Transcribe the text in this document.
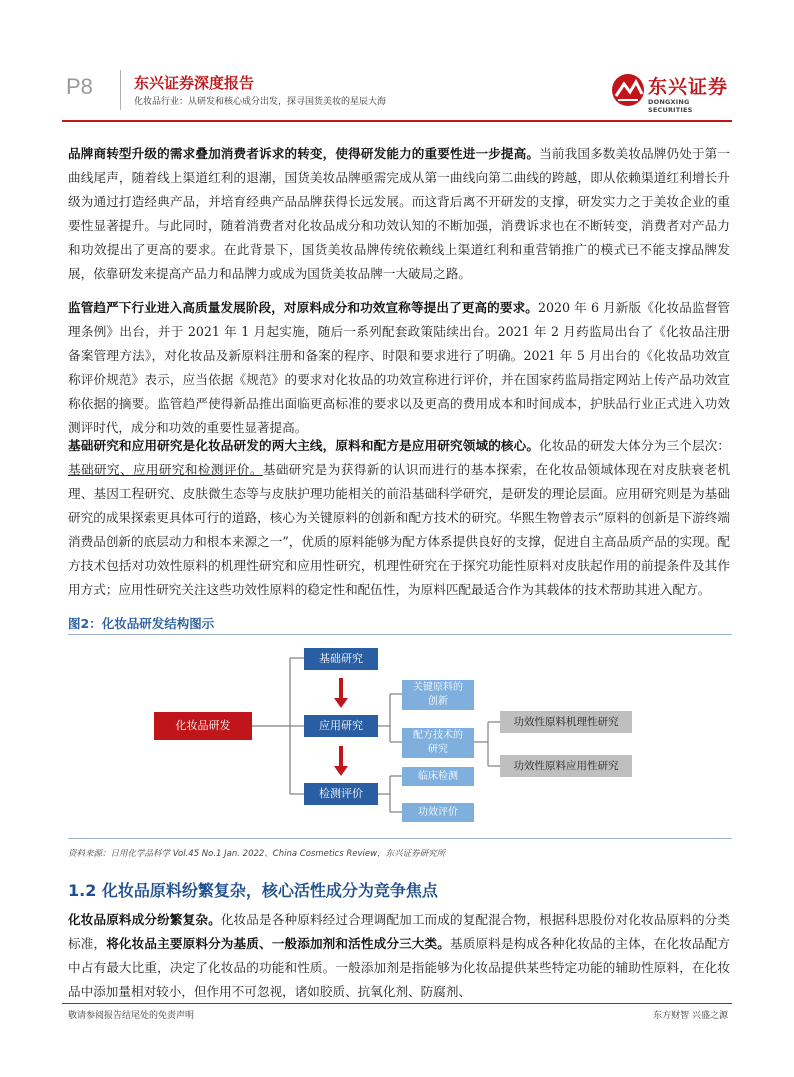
P8	东兴证券深度报告
化妆品行业：从研发和核心成分出发，探寻国货美妆的星辰大海
东兴证券
DONGXING SECURITIES
品牌商转型升级的需求叠加消费者诉求的转变，使得研发能力的重要性进一步提高。当前我国多数美妆品牌仍处于第一曲线尾声，随着线上渠道红利的退潮，国货美妆品牌亟需完成从第一曲线向第二曲线的跨越，即从依赖渠道红利增长升级为通过打造经典产品，并培育经典产品品牌获得长远发展。而这背后离不开研发的支撑，研发实力之于美妆企业的重要性显著提升。与此同时，随着消费者对化妆品成分和功效认知的不断加强，消费诉求也在不断转变，消费者对产品力和功效提出了更高的要求。在此背景下，国货美妆品牌传统依赖线上渠道红利和重营销推广的模式已不能支撑品牌发展，依靠研发来提高产品力和品牌力或成为国货美妆品牌一大破局之路。
监管趋严下行业进入高质量发展阶段，对原料成分和功效宣称等提出了更高的要求。2020 年 6 月新版《化妆品监督管理条例》出台，并于 2021 年 1 月起实施，随后一系列配套政策陆续出台。2021 年 2 月药监局出台了《化妆品注册备案管理方法》，对化妆品及新原料注册和备案的程序、时限和要求进行了明确。2021 年 5 月出台的《化妆品功效宣称评价规范》表示，应当依据《规范》的要求对化妆品的功效宣称进行评价，并在国家药监局指定网站上传产品功效宣称依据的摘要。监管趋严使得新品推出面临更高标准的要求以及更高的费用成本和时间成本，护肤品行业正式进入功效测评时代，成分和功效的重要性显著提高。
基础研究和应用研究是化妆品研发的两大主线，原料和配方是应用研究领域的核心。化妆品的研发大体分为三个层次：基础研究、应用研究和检测评价。基础研究是为获得新的认识而进行的基本探索，在化妆品领域体现在对皮肤衰老机理、基因工程研究、皮肤微生态等与皮肤护理功能相关的前沿基础科学研究，是研发的理论层面。应用研究则是为基础研究的成果探索更具体可行的道路，核心为关键原料的创新和配方技术的研究。华熙生物曾表示“原料的创新是下游终端消费品创新的底层动力和根本来源之一”，优质的原料能够为配方体系提供良好的支撑，促进自主高品质产品的实现。配方技术包括对功效性原料的机理性研究和应用性研究，机理性研究在于探究功能性原料对皮肤起作用的前提条件及其作用方式；应用性研究关注这些功效性原料的稳定性和配伍性，为原料匹配最适合作为其载体的技术帮助其进入配方。
图2：化妆品研发结构图示
化妆品研发
基础研究
应用研究
检测评价
关键原料的
创新
配方技术的
研究
临床检测
功效评价
功效性原料机理性研究
功效性原料应用性研究
资料来源：日用化学品科学 Vol.45 No.1 Jan. 2022、China Cosmetics Review，东兴证券研究所
1.2 化妆品原料纷繁复杂，核心活性成分为竞争焦点
化妆品原料成分纷繁复杂。化妆品是各种原料经过合理调配加工而成的复配混合物，根据科思股份对化妆品原料的分类标准，将化妆品主要原料分为基质、一般添加剂和活性成分三大类。基质原料是构成各种化妆品的主体，在化妆品配方中占有最大比重，决定了化妆品的功能和性质。一般添加剂是指能够为化妆品提供某些特定功能的辅助性原料，在化妆品中添加量相对较小，但作用不可忽视，诸如胶质、抗氧化剂、防腐剂、
敬请参阅报告结尾处的免责声明	东方财智 兴盛之源
